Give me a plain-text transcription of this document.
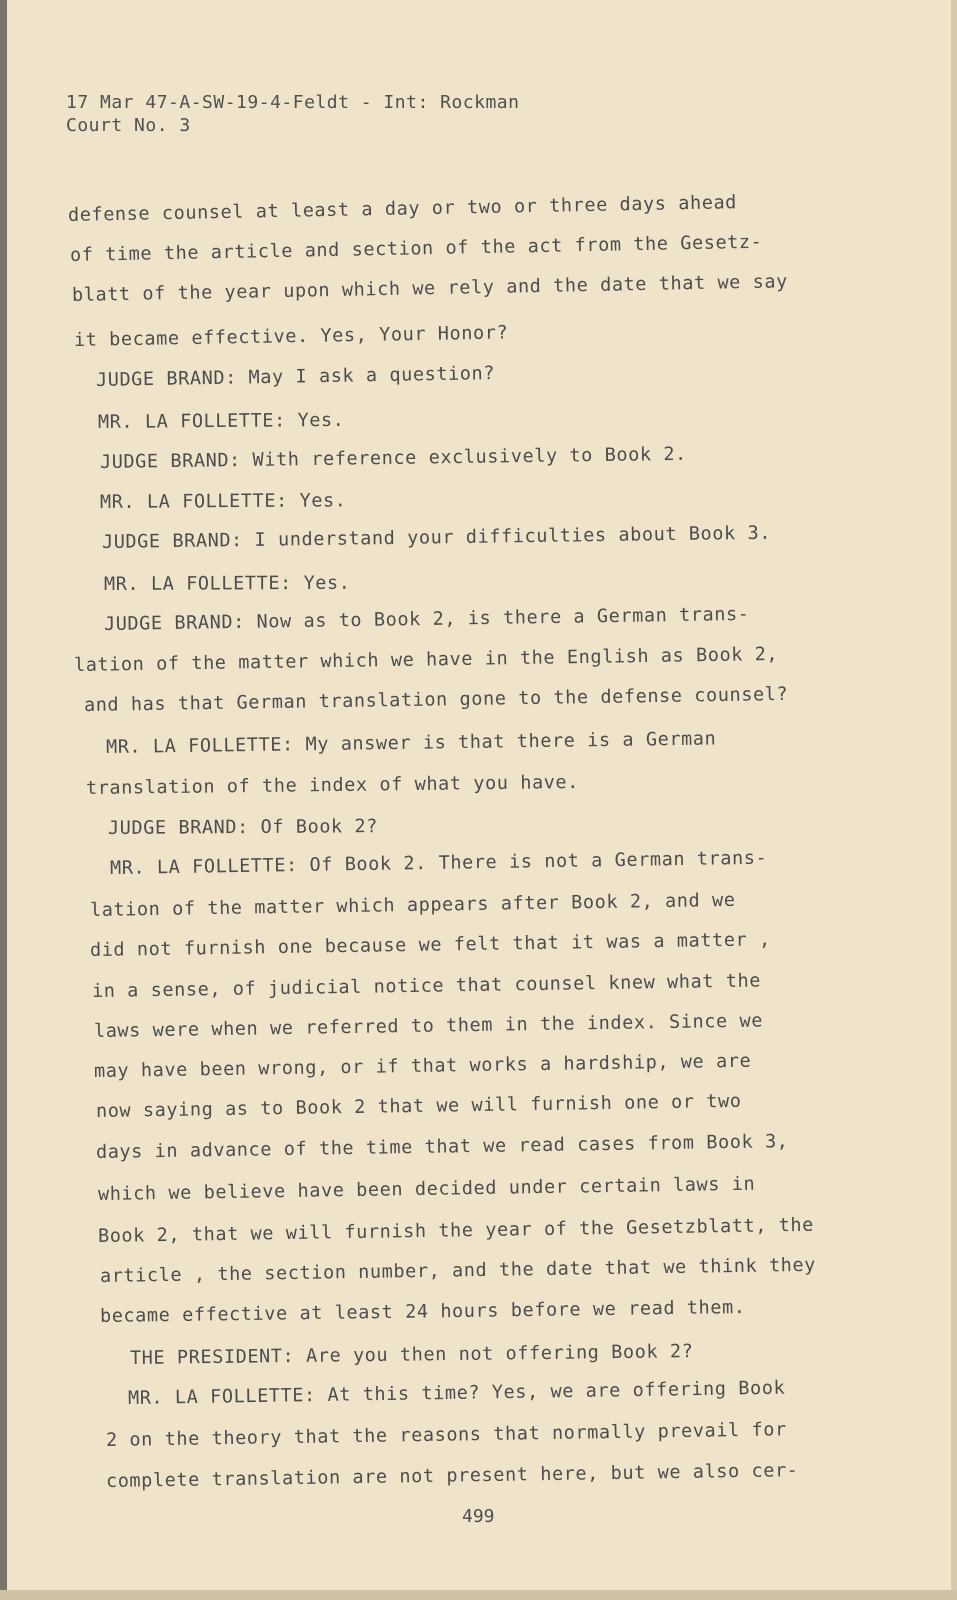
17 Mar 47-A-SW-19-4-Feldt - Int: Rockman
Court No. 3
defense counsel at least a day or two or three days ahead
of time the article and section of the act from the Gesetz-
blatt of the year upon which we rely and the date that we say
it became effective. Yes, Your Honor?
JUDGE BRAND: May I ask a question?
MR. LA FOLLETTE: Yes.
JUDGE BRAND: With reference exclusively to Book 2.
MR. LA FOLLETTE: Yes.
JUDGE BRAND: I understand your difficulties about Book 3.
MR. LA FOLLETTE: Yes.
JUDGE BRAND: Now as to Book 2, is there a German trans-
lation of the matter which we have in the English as Book 2,
and has that German translation gone to the defense counsel?
MR. LA FOLLETTE: My answer is that there is a German
translation of the index of what you have.
JUDGE BRAND: Of Book 2?
MR. LA FOLLETTE: Of Book 2. There is not a German trans-
lation of the matter which appears after Book 2, and we
did not furnish one because we felt that it was a matter ,
in a sense, of judicial notice that counsel knew what the
laws were when we referred to them in the index. Since we
may have been wrong, or if that works a hardship, we are
now saying as to Book 2 that we will furnish one or two
days in advance of the time that we read cases from Book 3,
which we believe have been decided under certain laws in
Book 2, that we will furnish the year of the Gesetzblatt, the
article , the section number, and the date that we think they
became effective at least 24 hours before we read them.
THE PRESIDENT: Are you then not offering Book 2?
MR. LA FOLLETTE: At this time? Yes, we are offering Book
2 on the theory that the reasons that normally prevail for
complete translation are not present here, but we also cer-
499
